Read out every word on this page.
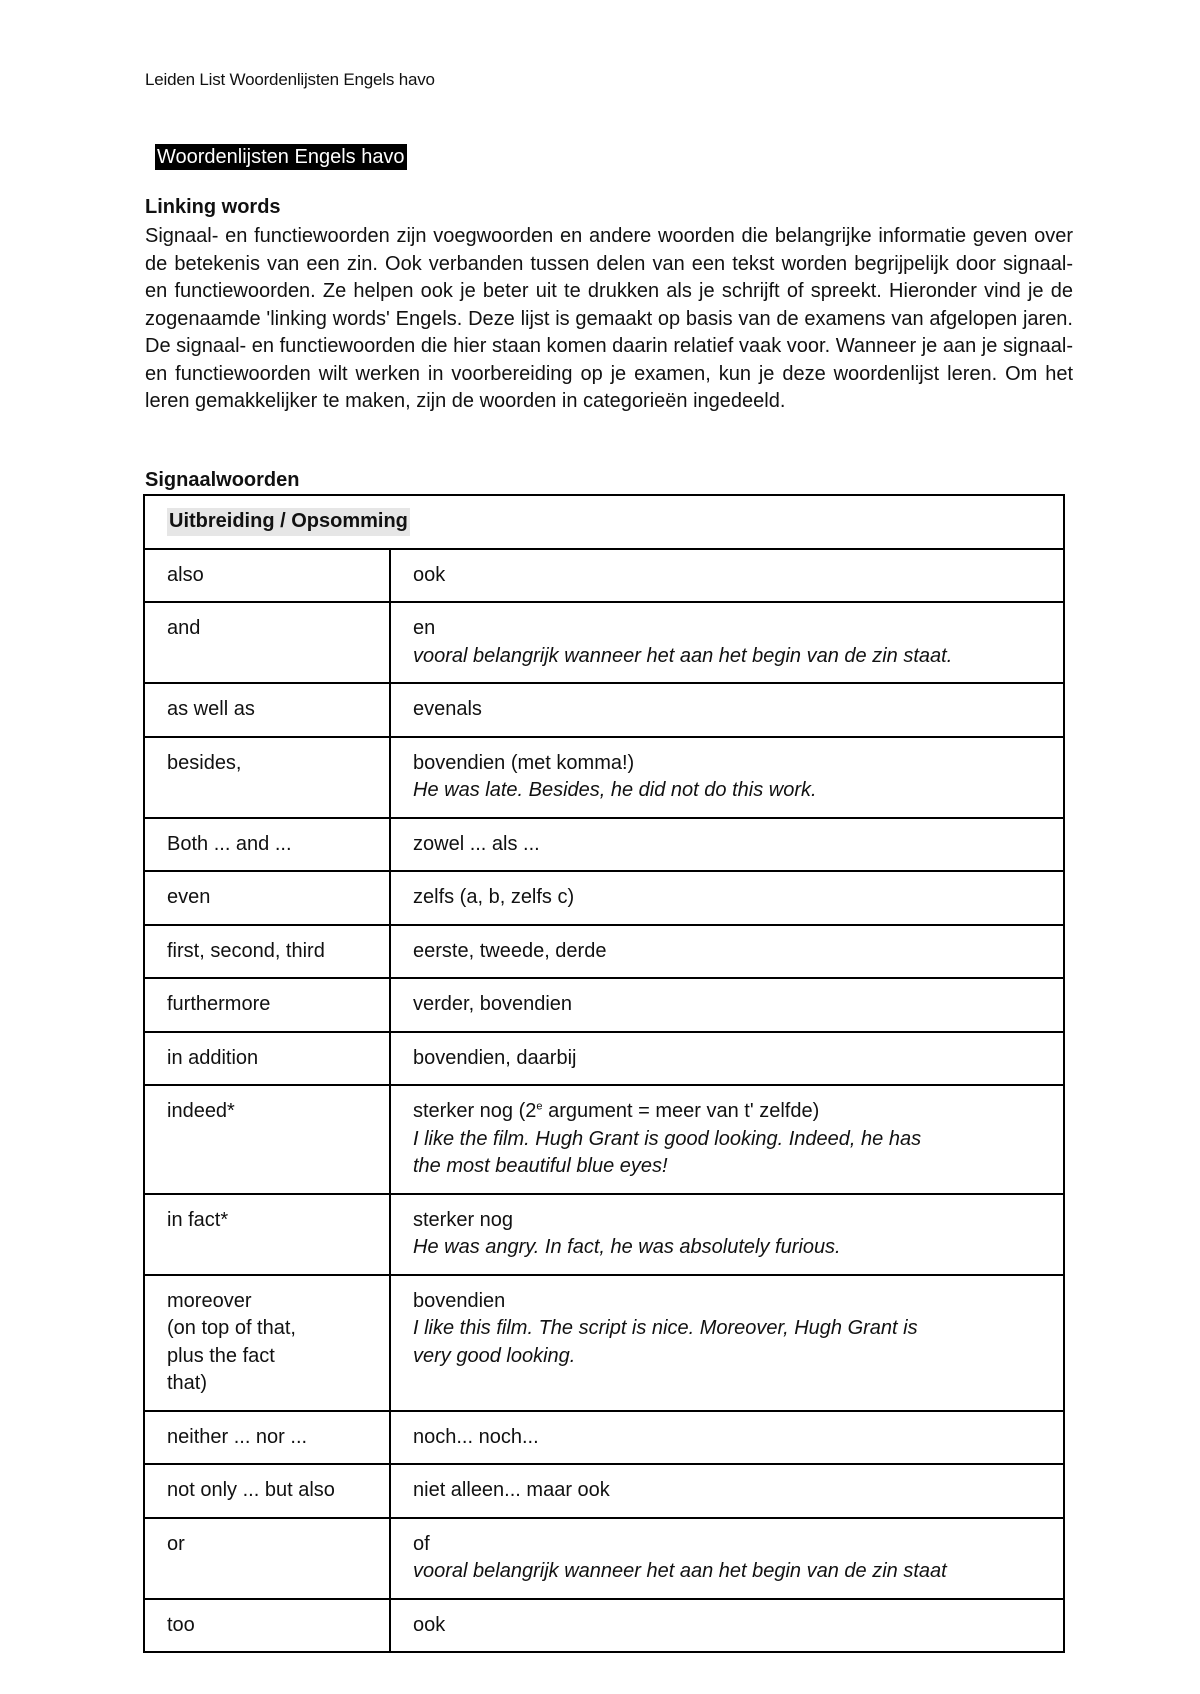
Leiden List Woordenlijsten Engels havo
Woordenlijsten Engels havo
Linking words

Signaal- en functiewoorden zijn voegwoorden en andere woorden die belangrijke informatie geven over de betekenis van een zin. Ook verbanden tussen delen van een tekst worden begrijpelijk door signaal- en functiewoorden. Ze helpen ook je beter uit te drukken als je schrijft of spreekt. Hieronder vind je de zogenaamde 'linking words' Engels. Deze lijst is gemaakt op basis van de examens van afgelopen jaren. De signaal- en functiewoorden die hier staan komen daarin relatief vaak voor. Wanneer je aan je signaal- en functiewoorden wilt werken in voorbereiding op je examen, kun je deze woordenlijst leren. Om het leren gemakkelijker te maken, zijn de woorden in categorieën ingedeeld.

Signaalwoorden
Uitbreiding / Opsomming	
also	ook
and	en
vooral belangrijk wanneer het aan het begin van de zin staat.

as well as	evenals
besides,	bovendien (met komma!)
He was late. Besides, he did not do this work.

Both ... and ...	zowel ... als ...
even	zelfs (a, b, zelfs c)
first, second, third	eerste, tweede, derde
furthermore	verder, bovendien
in addition	bovendien, daarbij
indeed*	sterker nog (2e argument = meer van t' zelfde)
I like the film. Hugh Grant is good looking. Indeed, he has
the most beautiful blue eyes!

in fact*	sterker nog
He was angry. In fact, he was absolutely furious.

moreover
(on top of that,
plus the fact
that)	bovendien
I like this film. The script is nice. Moreover, Hugh Grant is
very good looking.

neither ... nor ...	noch... noch...
not only ... but also	niet alleen... maar ook
or	of
vooral belangrijk wanneer het aan het begin van de zin staat

too	ook
